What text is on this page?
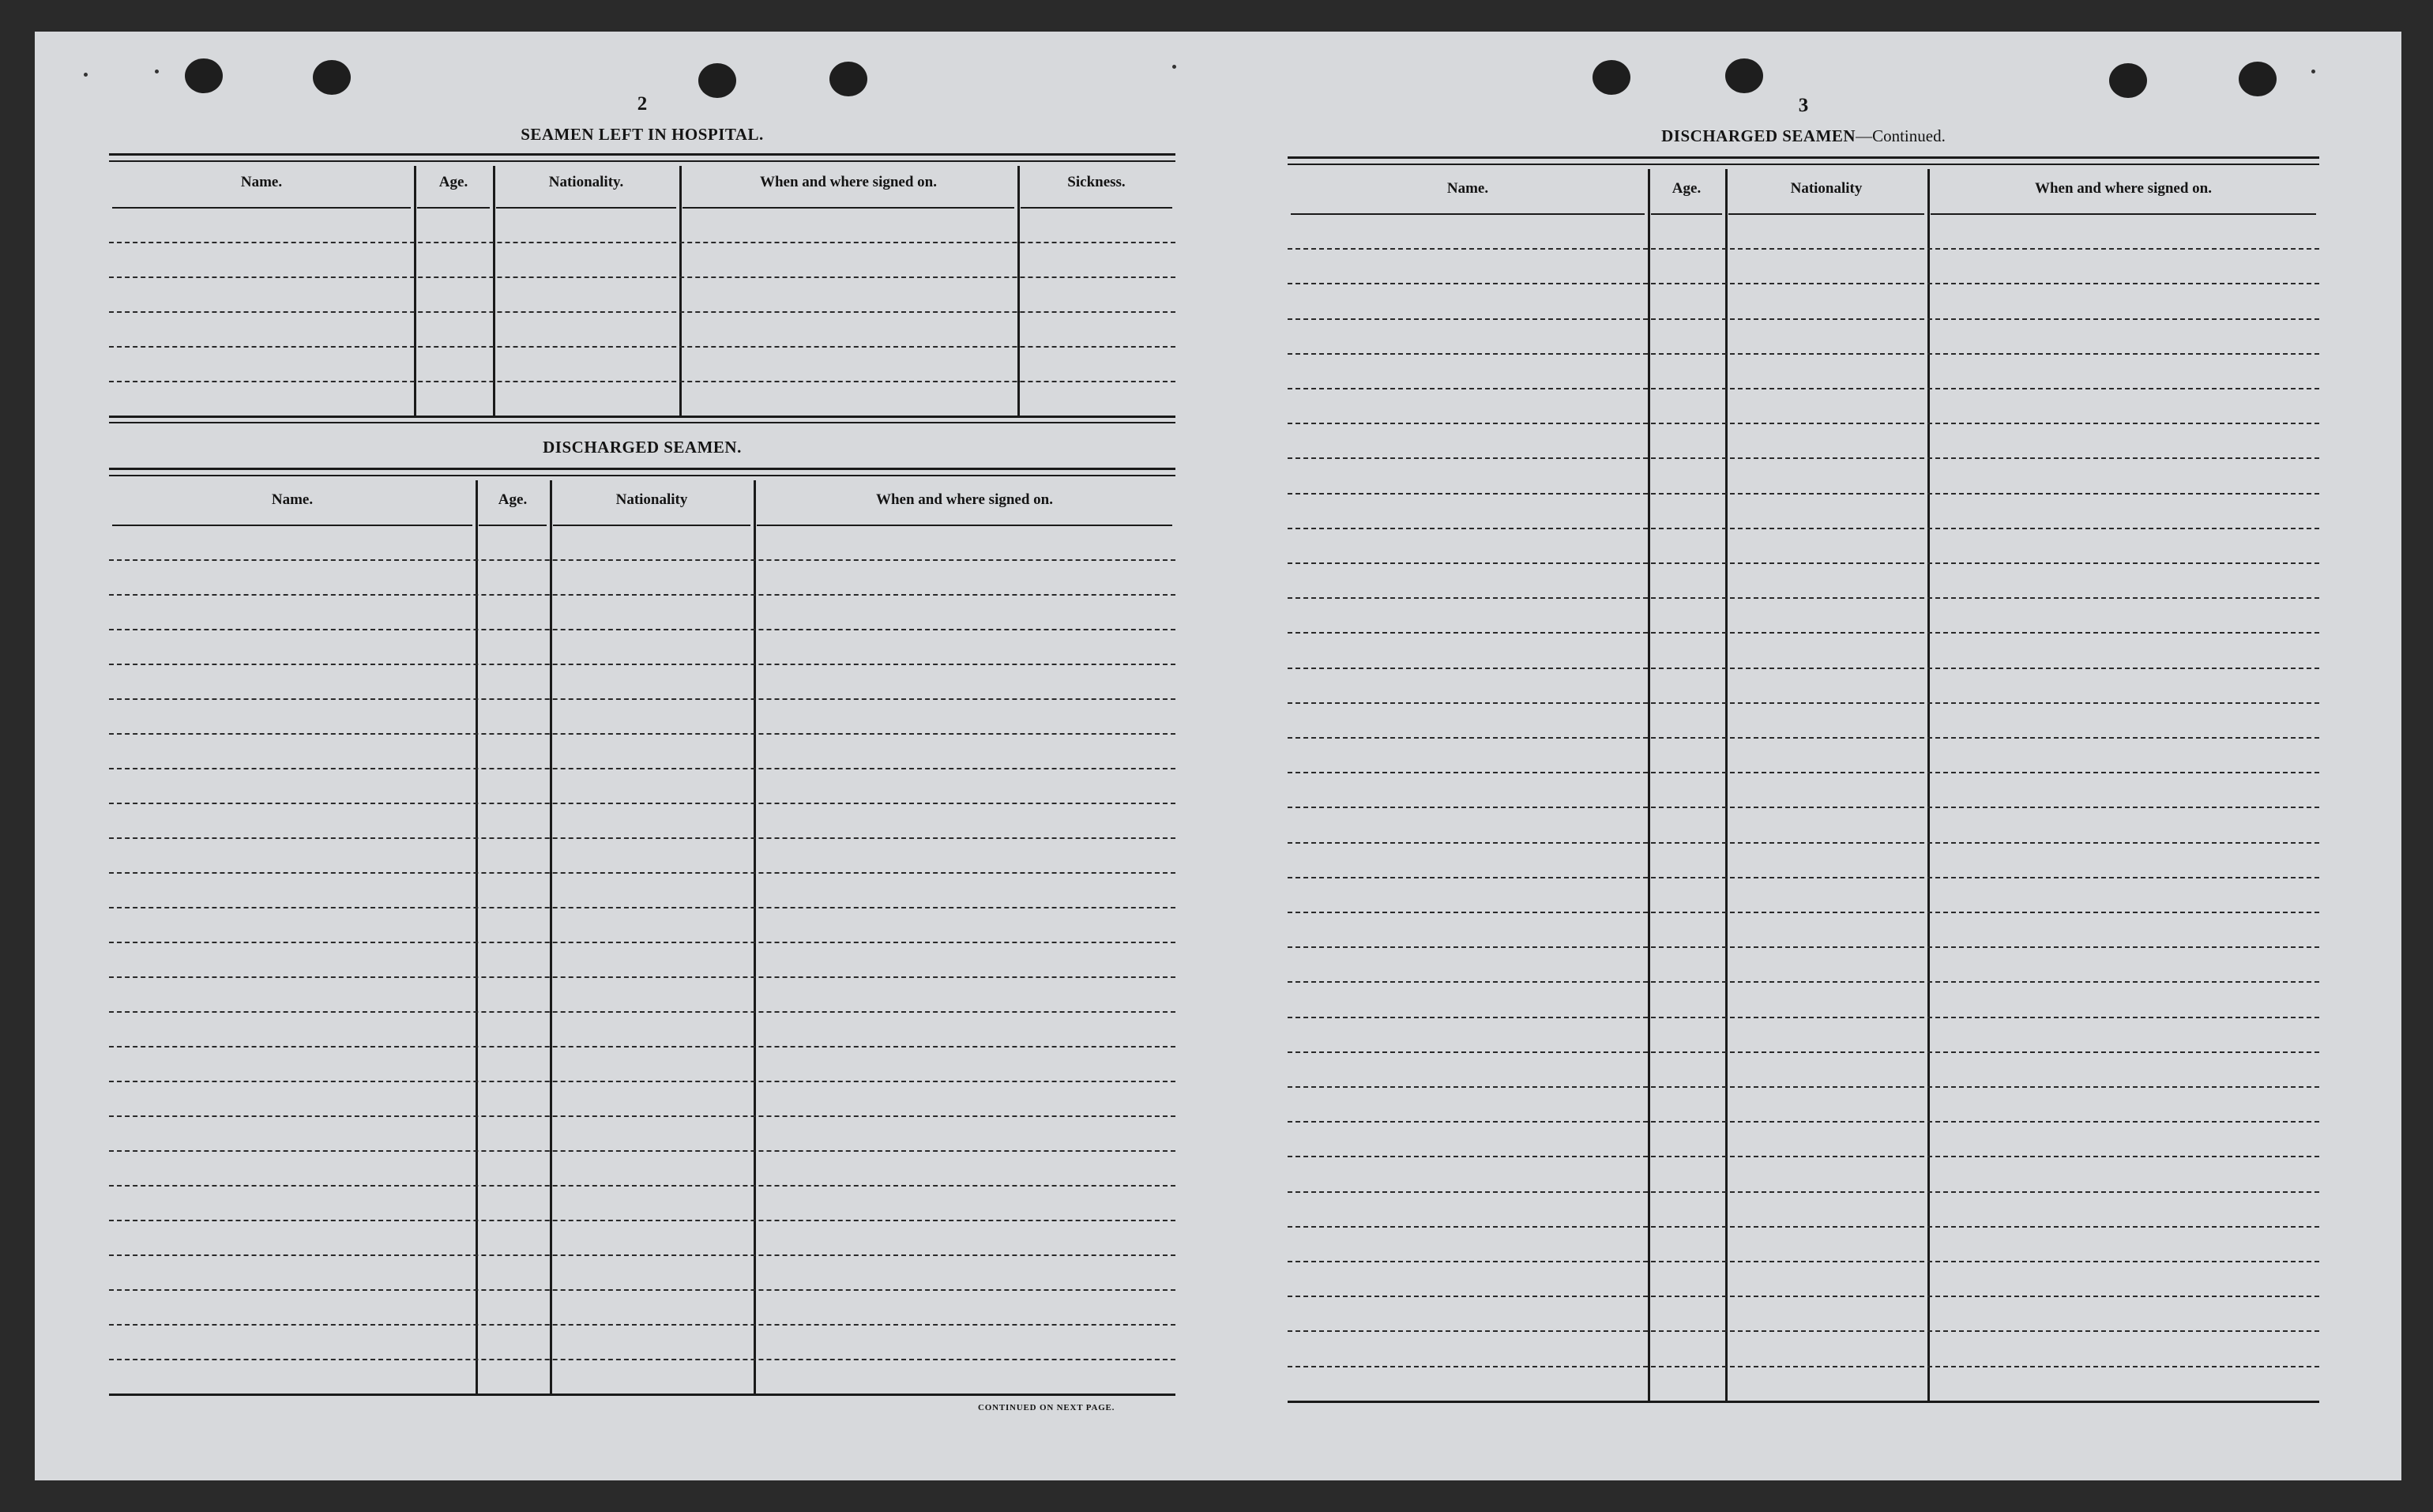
2
SEAMEN LEFT IN HOSPITAL.
Name.	Age.	Nationality.	When and where signed on.	Sickness.
DISCHARGED SEAMEN.
Name.	Age.	Nationality	When and where signed on.
CONTINUED ON NEXT PAGE.
3
DISCHARGED SEAMEN—Continued.
Name.	Age.	Nationality	When and where signed on.
